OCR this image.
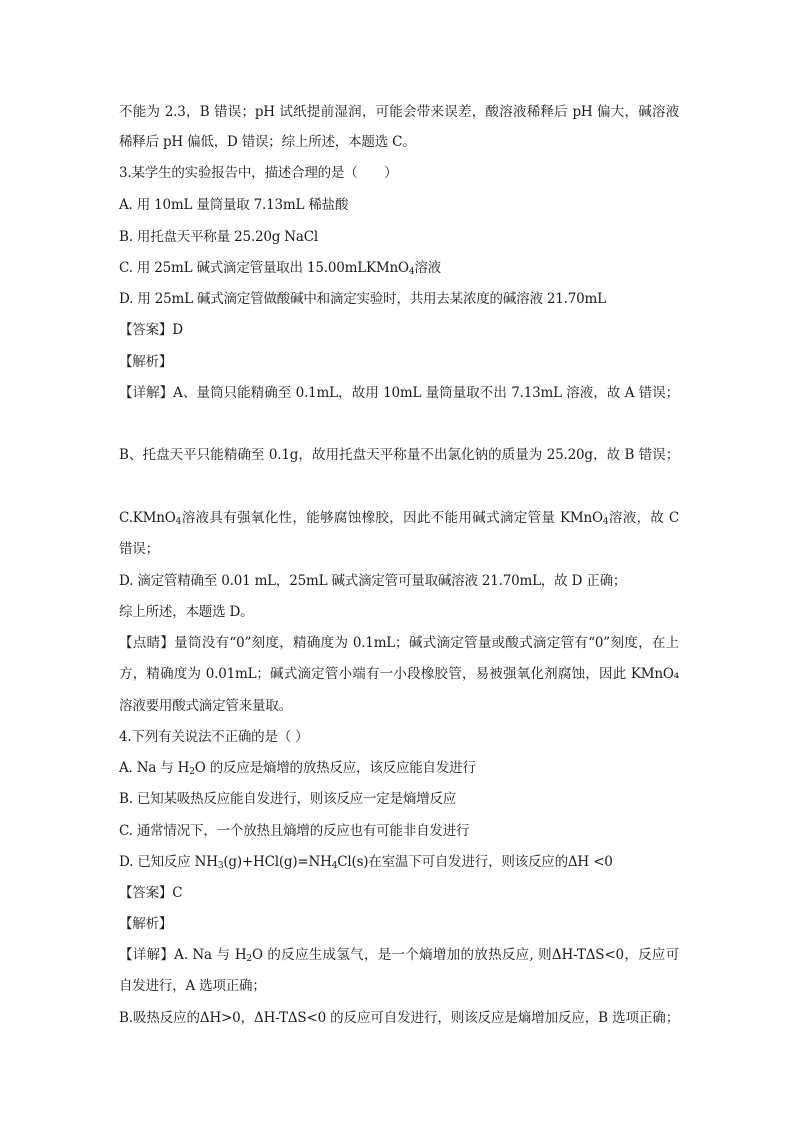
不能为 2.3，B 错误；pH 试纸提前湿润，可能会带来误差，酸溶液稀释后 pH 偏大，碱溶液
稀释后 pH 偏低，D 错误；综上所述，本题选 C。
3.某学生的实验报告中，描述合理的是（　　）
A. 用 10mL 量筒量取 7.13mL 稀盐酸
B. 用托盘天平称量 25.20g NaCl
C. 用 25mL 碱式滴定管量取出 15.00mLKMnO$_4$溶液
D. 用 25mL 碱式滴定管做酸碱中和滴定实验时，共用去某浓度的碱溶液 21.70mL
【答案】D
【解析】
【详解】A、量筒只能精确至 0.1mL，故用 10mL 量筒量取不出 7.13mL 溶液，故 A 错误；
B、托盘天平只能精确至 0.1g，故用托盘天平称量不出氯化钠的质量为 25.20g，故 B 错误；
C.KMnO$_4$溶液具有强氧化性，能够腐蚀橡胶，因此不能用碱式滴定管量 KMnO$_4$溶液，故 C
错误；
D. 滴定管精确至 0.01 mL，25mL 碱式滴定管可量取碱溶液 21.70mL，故 D 正确；
综上所述，本题选 D。
【点睛】量筒没有“0”刻度，精确度为 0.1mL；碱式滴定管量或酸式滴定管有“0”刻度，在上
方，精确度为 0.01mL；碱式滴定管小端有一小段橡胶管，易被强氧化剂腐蚀，因此 KMnO₄
溶液要用酸式滴定管来量取。
4.下列有关说法不正确的是（ ）
A. Na 与 $H_2O$ 的反应是熵增的放热反应，该反应能自发进行
B. 已知某吸热反应能自发进行，则该反应一定是熵增反应
C. 通常情况下，一个放热且熵增的反应也有可能非自发进行
D. 已知反应 $NH_3(g)+HCl(g)=NH_4Cl(s)$在室温下可自发进行，则该反应的ΔH <0
【答案】C
【解析】
【详解】A. Na 与 $H_2O$ 的反应生成氢气，是一个熵增加的放热反应, 则ΔH-TΔS<0，反应可
自发进行，A 选项正确；
B.吸热反应的ΔH>0，ΔH-TΔS<0 的反应可自发进行，则该反应是熵增加反应，B 选项正确；
